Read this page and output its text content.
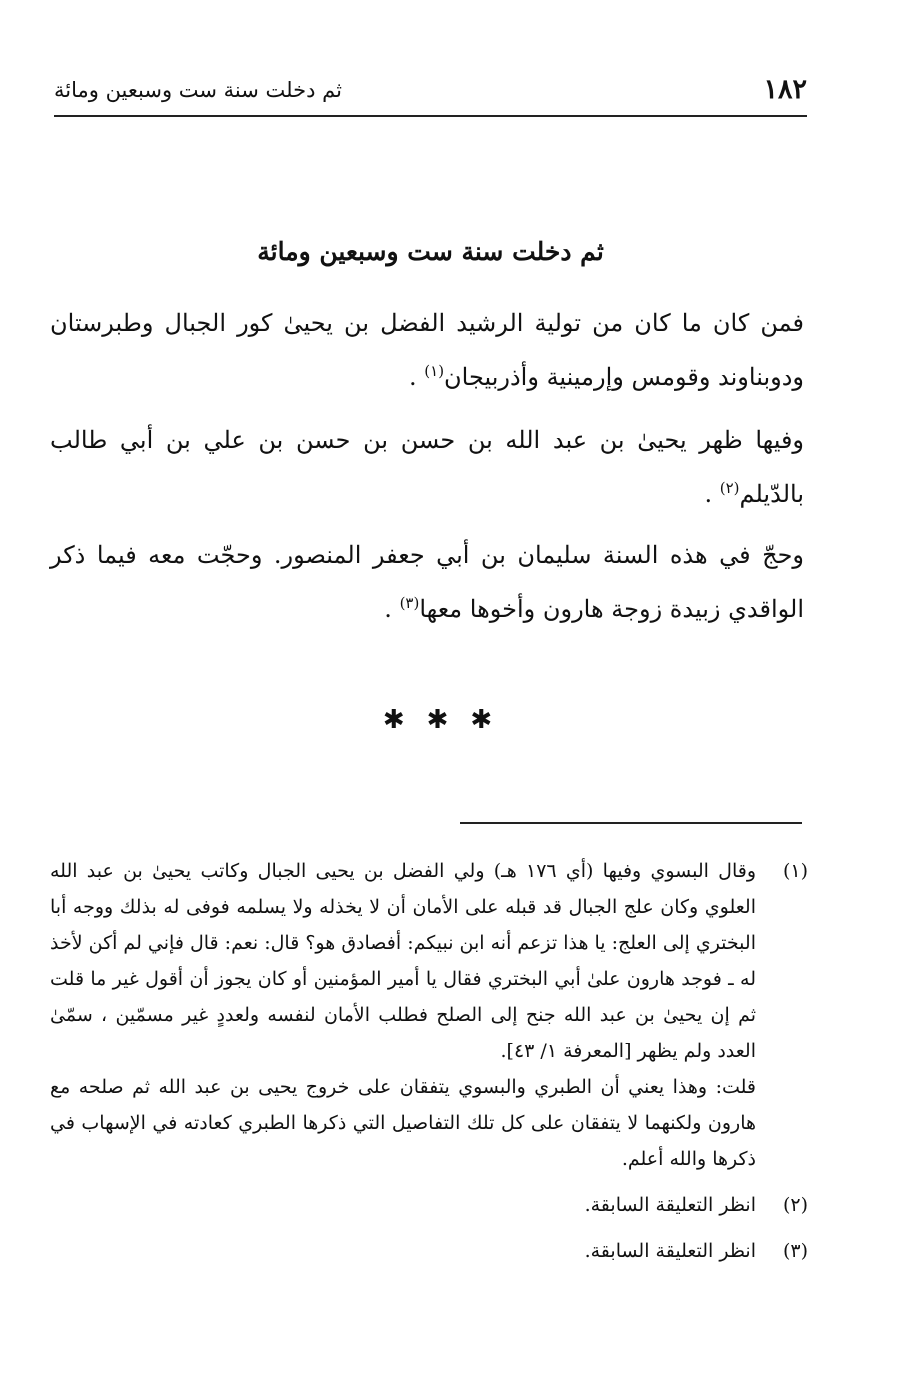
١٨٢
ثم دخلت سنة ست وسبعين ومائة
ثم دخلت سنة ست وسبعين ومائة
فمن كان ما كان من تولية الرشيد الفضل بن يحيىٰ كور الجبال وطبرستان ودوبناوند وقومس وإرمينية وأذربيجان$^{(١)}$ .
وفيها ظهر يحيىٰ بن عبد الله بن حسن بن حسن بن علي بن أبي طالب بالدّيلم$^{(٢)}$ .
وحجّ في هذه السنة سليمان بن أبي جعفر المنصور. وحجّت معه فيما ذكر الواقدي زبيدة زوجة هارون وأخوها معها$^{(٣)}$ .
✱✱✱
(١)

وقال البسوي وفيها (أي ١٧٦ هـ) ولي الفضل بن يحيى الجبال وكاتب يحيىٰ بن عبد الله العلوي وكان علج الجبال قد قبله على الأمان أن لا يخذله ولا يسلمه فوفى له بذلك ووجه أبا البختري إلى العلج: يا هذا تزعم أنه ابن نبيكم: أفصادق هو؟ قال: نعم: قال فإني لم أكن لأخذ له ـ فوجد هارون علىٰ أبي البختري فقال يا أمير المؤمنين أو كان يجوز أن أقول غير ما قلت ثم إن يحيىٰ بن عبد الله جنح إلى الصلح فطلب الأمان لنفسه ولعددٍ غير مسمّين ، سمّىٰ العدد ولم يظهر [المعرفة ١/ ٤٣].

قلت: وهذا يعني أن الطبري والبسوي يتفقان على خروج يحيى بن عبد الله ثم صلحه مع هارون ولكنهما لا يتفقان على كل تلك التفاصيل التي ذكرها الطبري كعادته في الإسهاب في ذكرها والله أعلم.

(٢)

انظر التعليقة السابقة.

(٣)

انظر التعليقة السابقة.
